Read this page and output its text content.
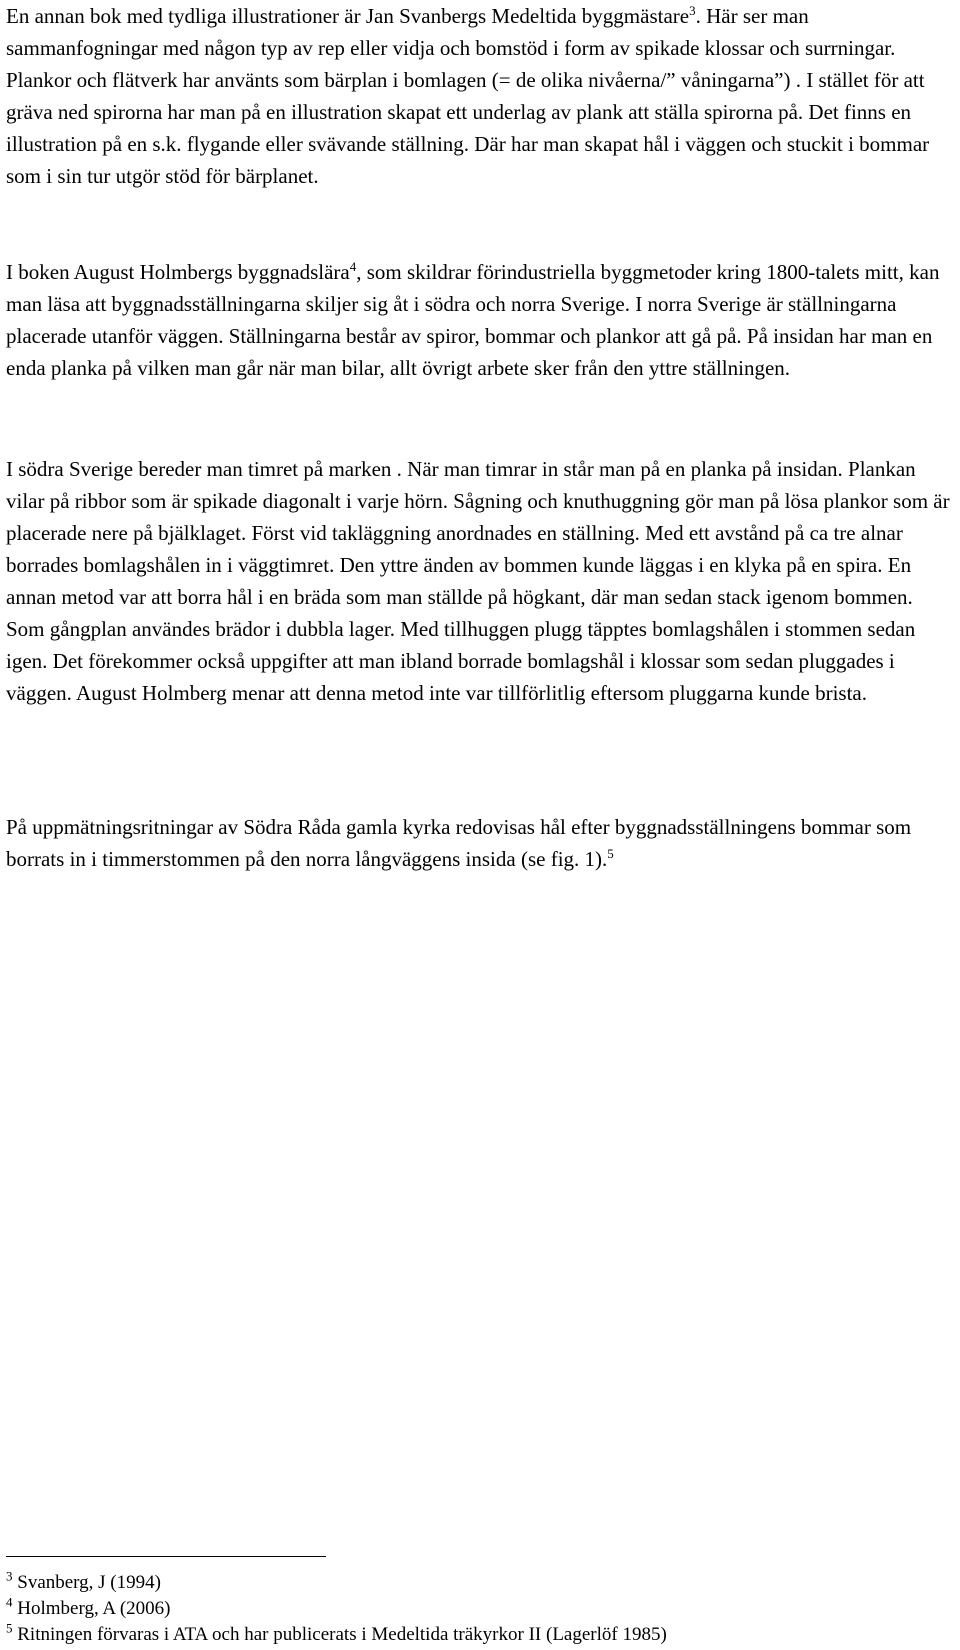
En annan bok med tydliga illustrationer är Jan Svanbergs Medeltida byggmästare$^3$. Här ser man sammanfogningar med någon typ av rep eller vidja och bomstöd i form av spikade klossar och surrningar. Plankor och flätverk har använts som bärplan i bomlagen (= de olika nivåerna/” våningarna”) . I stället för att gräva ned spirorna har man på en illustration skapat ett underlag av plank att ställa spirorna på. Det finns en illustration på en s.k. flygande eller svävande ställning. Där har man skapat hål i väggen och stuckit i bommar som i sin tur utgör stöd för bärplanet.

I boken August Holmbergs byggnadslära$^4$, som skildrar förindustriella byggmetoder kring 1800-talets mitt, kan man läsa att byggnadsställningarna skiljer sig åt i södra och norra Sverige. I norra Sverige är ställningarna placerade utanför väggen. Ställningarna består av spiror, bommar och plankor att gå på. På insidan har man en enda planka på vilken man går när man bilar, allt övrigt arbete sker från den yttre ställningen.

I södra Sverige bereder man timret på marken . När man timrar in står man på en planka på insidan. Plankan vilar på ribbor som är spikade diagonalt i varje hörn. Sågning och knuthuggning gör man på lösa plankor som är placerade nere på bjälklaget. Först vid takläggning anordnades en ställning. Med ett avstånd på ca tre alnar borrades bomlagshålen in i väggtimret. Den yttre änden av bommen kunde läggas i en klyka på en spira. En annan metod var att borra hål i en bräda som man ställde på högkant, där man sedan stack igenom bommen. Som gångplan användes brädor i dubbla lager. Med tillhuggen plugg täpptes bomlagshålen i stommen sedan igen. Det förekommer också uppgifter att man ibland borrade bomlagshål i klossar som sedan pluggades i väggen. August Holmberg menar att denna metod inte var tillförlitlig eftersom pluggarna kunde brista.

På uppmätningsritningar av Södra Råda gamla kyrka redovisas hål efter byggnadsställningens bommar som borrats in i timmerstommen på den norra långväggens insida (se fig. 1).$^5$

$^3$ Svanberg, J (1994)

$^4$ Holmberg, A (2006)

$^5$ Ritningen förvaras i ATA och har publicerats i Medeltida träkyrkor II (Lagerlöf 1985)
